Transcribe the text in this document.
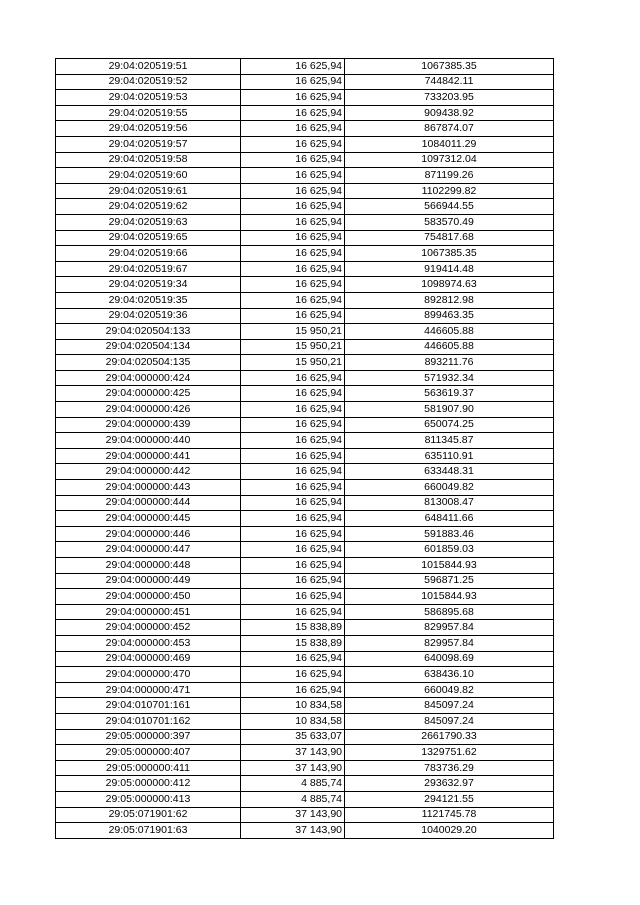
29:04:020519:51	16 625,94	1067385.35
29:04:020519:52	16 625,94	744842.11
29:04:020519:53	16 625,94	733203.95
29:04:020519:55	16 625,94	909438.92
29:04:020519:56	16 625,94	867874.07
29:04:020519:57	16 625,94	1084011.29
29:04:020519:58	16 625,94	1097312.04
29:04:020519:60	16 625,94	871199.26
29:04:020519:61	16 625,94	1102299.82
29:04:020519:62	16 625,94	566944.55
29:04:020519:63	16 625,94	583570.49
29:04:020519:65	16 625,94	754817.68
29:04:020519:66	16 625,94	1067385.35
29:04:020519:67	16 625,94	919414.48
29:04:020519:34	16 625,94	1098974.63
29:04:020519:35	16 625,94	892812.98
29:04:020519:36	16 625,94	899463.35
29:04:020504:133	15 950,21	446605.88
29:04:020504:134	15 950,21	446605.88
29:04:020504:135	15 950,21	893211.76
29:04:000000:424	16 625,94	571932.34
29:04:000000:425	16 625,94	563619.37
29:04:000000:426	16 625,94	581907.90
29:04:000000:439	16 625,94	650074.25
29:04:000000:440	16 625,94	811345.87
29:04:000000:441	16 625,94	635110.91
29:04:000000:442	16 625,94	633448.31
29:04:000000:443	16 625,94	660049.82
29:04:000000:444	16 625,94	813008.47
29:04:000000:445	16 625,94	648411.66
29:04:000000:446	16 625,94	591883.46
29:04:000000:447	16 625,94	601859.03
29:04:000000:448	16 625,94	1015844.93
29:04:000000:449	16 625,94	596871.25
29:04:000000:450	16 625,94	1015844.93
29:04:000000:451	16 625,94	586895.68
29:04:000000:452	15 838,89	829957.84
29:04:000000:453	15 838,89	829957.84
29:04:000000:469	16 625,94	640098.69
29:04:000000:470	16 625,94	638436.10
29:04:000000:471	16 625,94	660049.82
29:04:010701:161	10 834,58	845097.24
29:04:010701:162	10 834,58	845097.24
29:05:000000:397	35 633,07	2661790.33
29:05:000000:407	37 143,90	1329751.62
29:05:000000:411	37 143,90	783736.29
29:05:000000:412	4 885,74	293632.97
29:05:000000:413	4 885,74	294121.55
29:05:071901:62	37 143,90	1121745.78
29:05:071901:63	37 143,90	1040029.20
